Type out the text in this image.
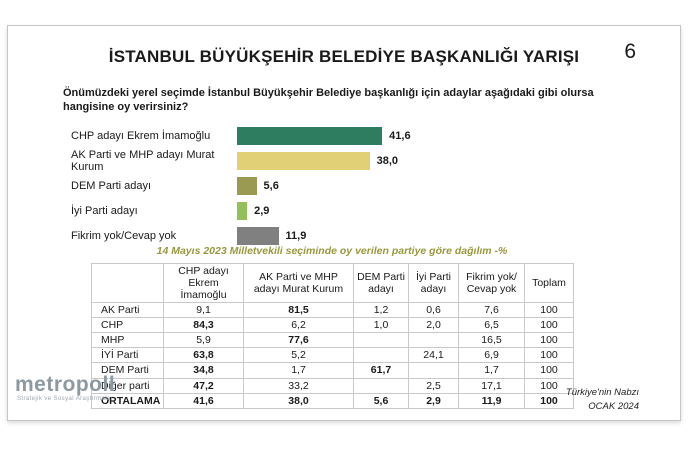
İSTANBUL BÜYÜKŞEHİR BELEDİYE BAŞKANLIĞI YARIŞI	6
Önümüzdeki yerel seçimde İstanbul Büyükşehir Belediye başkanlığı için adaylar aşağıdaki gibi olursa hangisine oy verirsiniz?
CHP adayı Ekrem İmamoğlu	41,6
AK Parti ve MHP adayı Murat Kurum	38,0
DEM Parti adayı	5,6
İyi Parti adayı	2,9
Fikrim yok/Cevap yok	11,9
14 Mayıs 2023 Milletvekili seçiminde oy verilen partiye göre dağılım -%
	CHP adayı Ekrem İmamoğlu	AK Parti ve MHP adayı Murat Kurum	DEM Parti adayı	İyi Parti adayı	Fikrim yok/ Cevap yok	Toplam
AK Parti	9,1	81,5	1,2	0,6	7,6	100
CHP	84,3	6,2	1,0	2,0	6,5	100
MHP	5,9	77,6			16,5	100
İYİ Parti	63,8	5,2		24,1	6,9	100
DEM Parti	34,8	1,7	61,7		1,7	100
Diğer parti	47,2	33,2		2,5	17,1	100
ORTALAMA	41,6	38,0	5,6	2,9	11,9	100
metropoll
Stratejik ve Sosyal Araştırmalar
Türkiye'nin Nabzı
OCAK 2024
